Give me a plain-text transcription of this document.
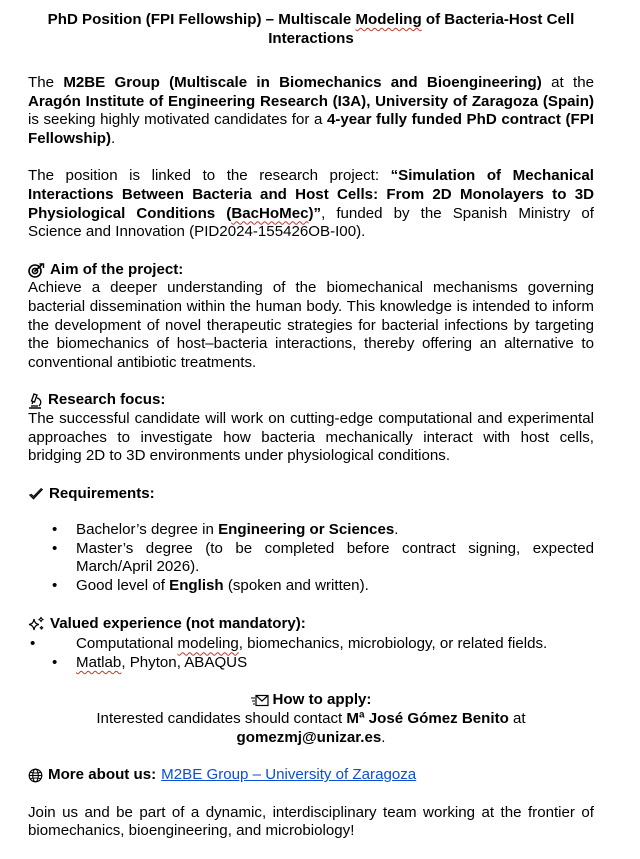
PhD Position (FPI Fellowship) – Multiscale Modeling of Bacteria-Host Cell
Interactions

The M2BE Group (Multiscale in Biomechanics and Bioengineering) at the Aragón Institute of Engineering Research (I3A), University of Zaragoza (Spain) is seeking highly motivated candidates for a 4-year fully funded PhD contract (FPI Fellowship).

The position is linked to the research project: “Simulation of Mechanical Interactions Between Bacteria and Host Cells: From 2D Monolayers to 3D Physiological Conditions (BacHoMec)”, funded by the Spanish Ministry of Science and Innovation (PID2024-155426OB-I00).

Aim of the project:

Achieve a deeper understanding of the biomechanical mechanisms governing bacterial dissemination within the human body. This knowledge is intended to inform the development of novel therapeutic strategies for bacterial infections by targeting the biomechanics of host–bacteria interactions, thereby offering an alternative to conventional antibiotic treatments.

Research focus:

The successful candidate will work on cutting-edge computational and experimental approaches to investigate how bacteria mechanically interact with host cells, bridging 2D to 3D environments under physiological conditions.

Requirements:
• Bachelor’s degree in Engineering or Sciences.
• Master’s degree (to be completed before contract signing, expected March/April 2026).
• Good level of English (spoken and written).
Valued experience (not mandatory):
• Computational modeling, biomechanics, microbiology, or related fields.
• Matlab, Phyton, ABAQUS
How to apply:
Interested candidates should contact Mª José Gómez Benito at
gomezmj@unizar.es.
More about us: M2BE Group – University of Zaragoza

Join us and be part of a dynamic, interdisciplinary team working at the frontier of biomechanics, bioengineering, and microbiology!
